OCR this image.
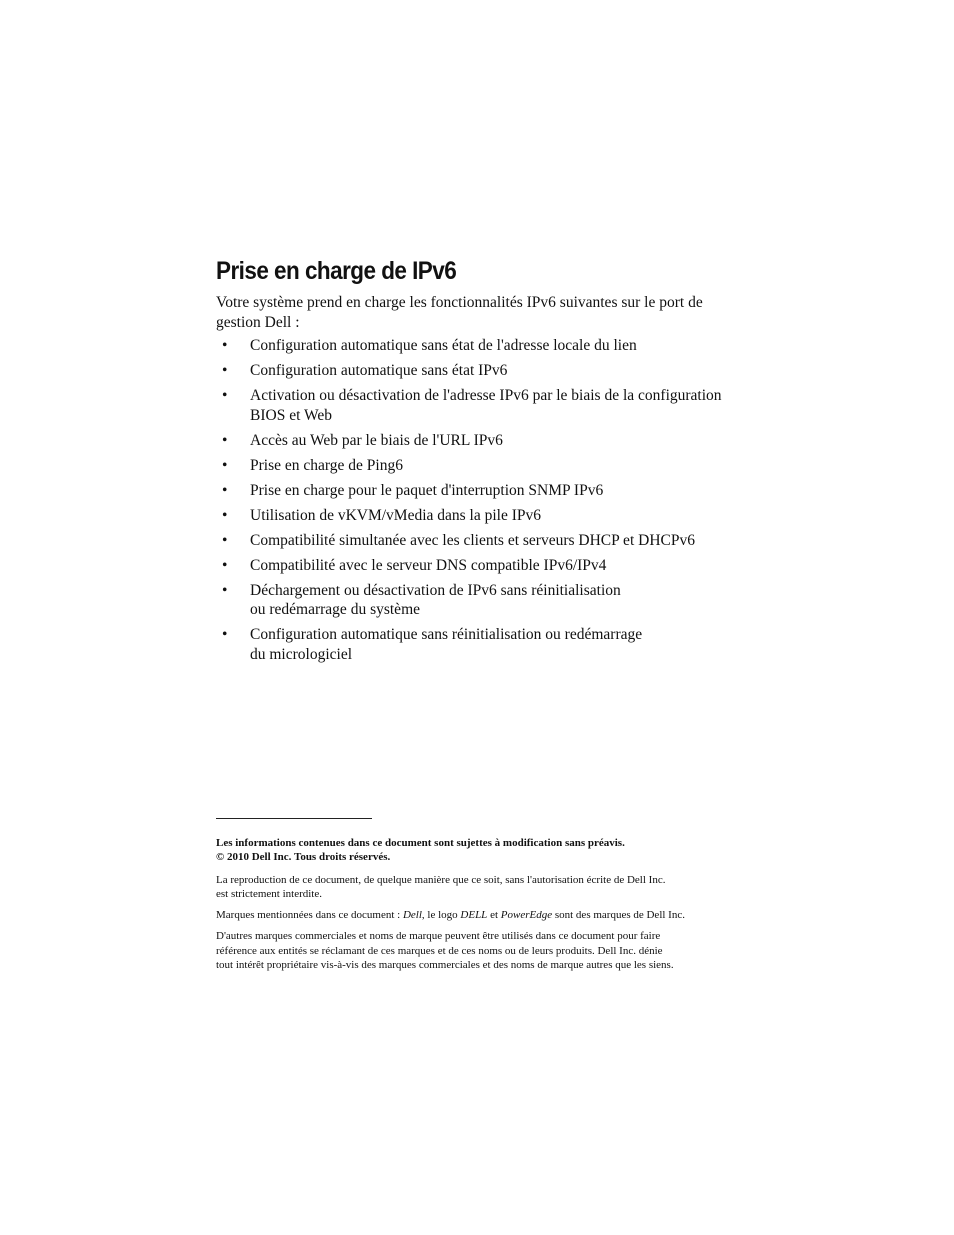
Prise en charge de IPv6

Votre système prend en charge les fonctionnalités IPv6 suivantes sur le port de gestion Dell :

• Configuration automatique sans état de l'adresse locale du lien
• Configuration automatique sans état IPv6
• Activation ou désactivation de l'adresse IPv6 par le biais de la configuration
BIOS et Web
• Accès au Web par le biais de l'URL IPv6
• Prise en charge de Ping6
• Prise en charge pour le paquet d'interruption SNMP IPv6
• Utilisation de vKVM/vMedia dans la pile IPv6
• Compatibilité simultanée avec les clients et serveurs DHCP et DHCPv6
• Compatibilité avec le serveur DNS compatible IPv6/IPv4
• Déchargement ou désactivation de IPv6 sans réinitialisation
ou redémarrage du système
• Configuration automatique sans réinitialisation ou redémarrage
du micrologiciel

Les informations contenues dans ce document sont sujettes à modification sans préavis.
© 2010 Dell Inc. Tous droits réservés.

La reproduction de ce document, de quelque manière que ce soit, sans l'autorisation écrite de Dell Inc.
est strictement interdite.

Marques mentionnées dans ce document : Dell, le logo DELL et PowerEdge sont des marques de Dell Inc.

D'autres marques commerciales et noms de marque peuvent être utilisés dans ce document pour faire
référence aux entités se réclamant de ces marques et de ces noms ou de leurs produits. Dell Inc. dénie
tout intérêt propriétaire vis-à-vis des marques commerciales et des noms de marque autres que les siens.
